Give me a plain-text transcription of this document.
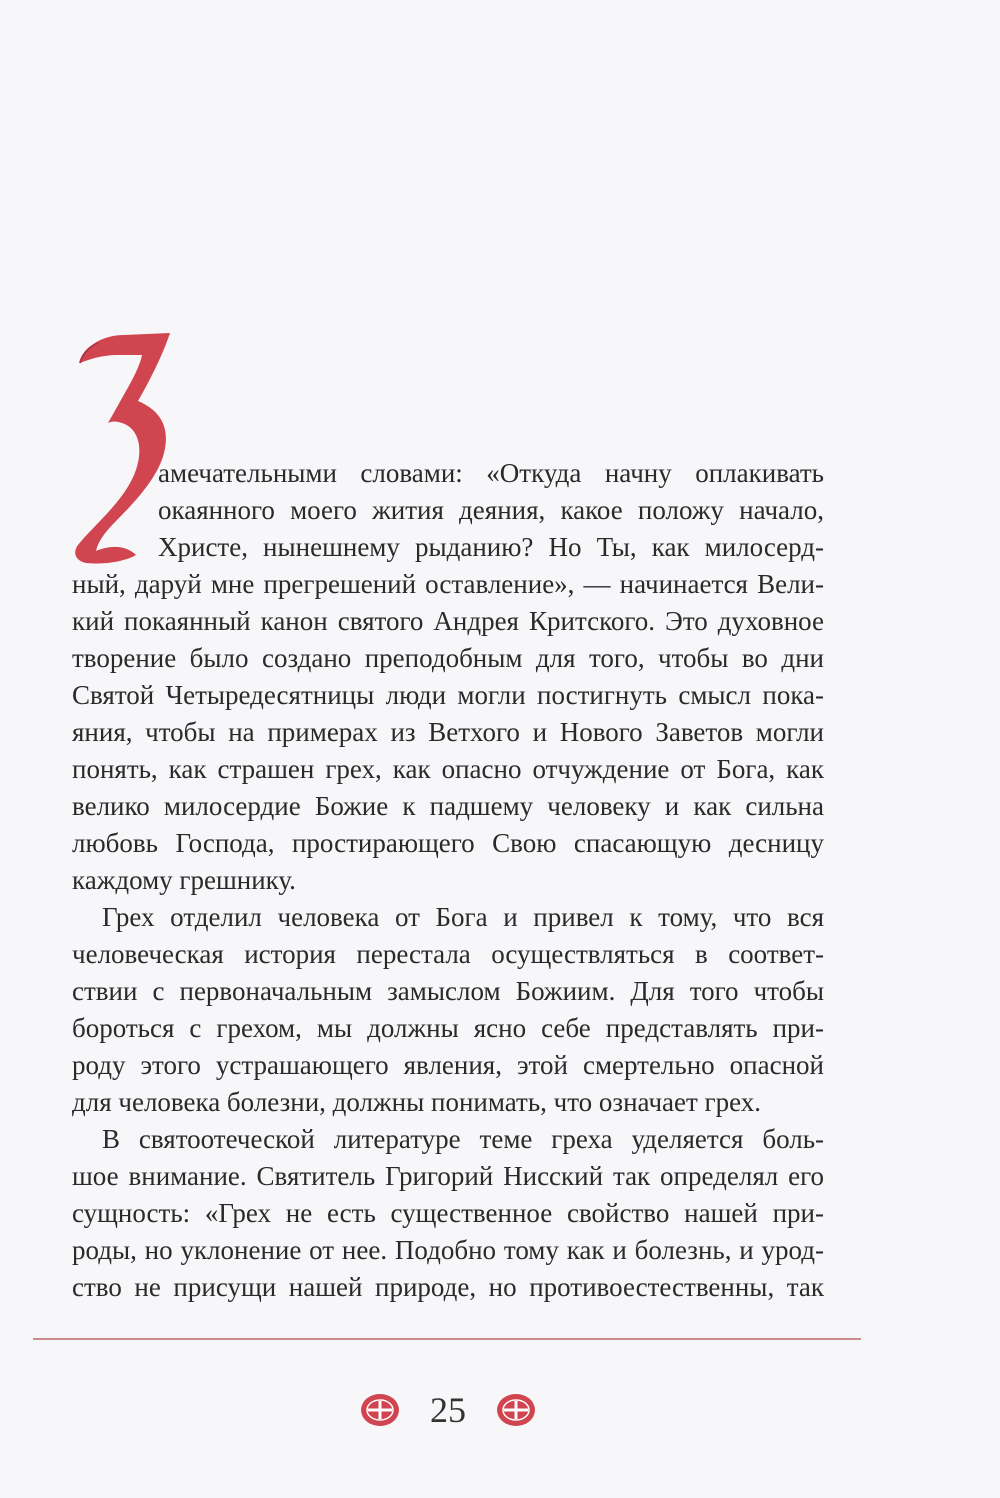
амечательными словами: «Откуда начну оплакивать
окаянного моего жития деяния, какое положу начало,
Христе, нынешнему рыданию? Но Ты, как милосерд-
ный, даруй мне прегрешений оставление», — начинается Вели-
кий покаянный канон святого Андрея Критского. Это духовное
творение было создано преподобным для того, чтобы во дни
Святой Четыредесятницы люди могли постигнуть смысл пока-
яния, чтобы на примерах из Ветхого и Нового Заветов могли
понять, как страшен грех, как опасно отчуждение от Бога, как
велико милосердие Божие к падшему человеку и как сильна
любовь Господа, простирающего Свою спасающую десницу
каждому грешнику.
Грех отделил человека от Бога и привел к тому, что вся
человеческая история перестала осуществляться в соответ-
ствии с первоначальным замыслом Божиим. Для того чтобы
бороться с грехом, мы должны ясно себе представлять при-
роду этого устрашающего явления, этой смертельно опасной
для человека болезни, должны понимать, что означает грех.
В святоотеческой литературе теме греха уделяется боль-
шое внимание. Святитель Григорий Нисский так определял его
сущность: «Грех не есть существенное свойство нашей при-
роды, но уклонение от нее. Подобно тому как и болезнь, и урод-
ство не присущи нашей природе, но противоестественны, так
25
